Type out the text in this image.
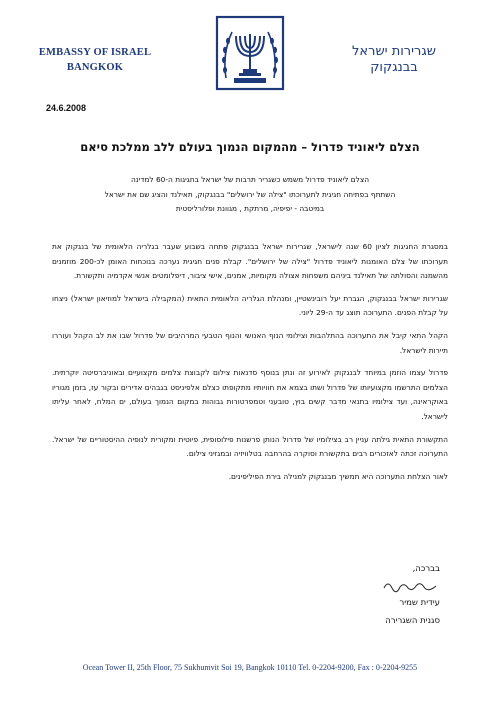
EMBASSY OF ISRAEL
BANGKOK
שגרירות ישראל
בבנגקוק
24.6.2008
הצלם ליאוניד פדרול – מהמקום הנמוך בעולם ללב ממלכת סיאם
הצלם ליאוניד פדרול משמש כשגריר תרבות של ישראל בחגיגות ה-60 למדינה
השתתף בפתיחה חגיגית לתערוכתו "צילה של ירושלים" בבנגקוק, תאילנד והציג שם את ישראל
במיטבה - יפיפיה, מרתקת , מגוונת ופלורליסטית

במסגרת החגיגות לציון 60 שנה לישראל, שגרירות ישראל בבנגקוק פתחה בשבוע שעבר בגלריה הלאומית של בנגקוק את תערוכתו של צלם האומנות ליאוניד פדרול "צילה של ירושלים". קבלת פנים חגיגית נערכה בנוכחות האומן לכ-200 מוזמנים מהשמנה והסולתה של תאילנד ביניהם משפחות אצולה מקומיות, אמנים, אישי ציבור, דיפלומטים אנשי אקדמיה ותקשורת.

שגרירות ישראל בבנגקוק, הגברת יעל רובינשטיין, ומנהלת הגלריה הלאומית התאית (המקבילה בישראל למוזיאון ישראל) ניצחו על קבלת הפנים. התערוכה תוצג עד ה-29 ליוני.

הקהל התאי קיבל את התערוכה בהתלהבות וצילומי הנוף האנושי והנוף הטבעי המרהיבים של פדרול שבו את לב הקהל ועוררו תיירות לישראל.

פדרול עצמו הוזמן במיוחד לבנגקוק לאירוע זה ונתן בנוסף סדנאות צילום לקבוצת צלמים מקצועיים ובאוניברסיטה יוקרתית. הצלמים התרשמו מקצועיותו של פדרול ושתו בצמא את חוויותיו מתקופתו כצלם אלפיניסט בגבהים אדירים ובקור עז, בזמן מגוריו באוקראינה, ועד צילומיו בתנאי מדבר קשים בוץ, טובעני וטמפרטורות גבוהות במקום הנמוך בעולם, ים המלח, לאחר עליתו לישראל.

התקשורת התאית גילתה עניין רב בצילומיו של פדרול הנותן פרשנות פילוסופית, פיוטית ומקורית לנופיה ההיסטוריים של ישראל. התערוכה זכתה לאזכורים רבים בתקשורת וסוקרה בהרחבה בטלוויזיה ובמגזיני צילום.

לאור הצלחת התערוכה היא תמשיך מבנגקוק למנילה בירת הפיליפינים.

בברכה,
עידית שמיר
סגנית השגרירה
Ocean Tower II, 25th Floor, 75 Sukhumvit Soi 19, Bangkok 10110 Tel. 0-2204-9200, Fax : 0-2204-9255
